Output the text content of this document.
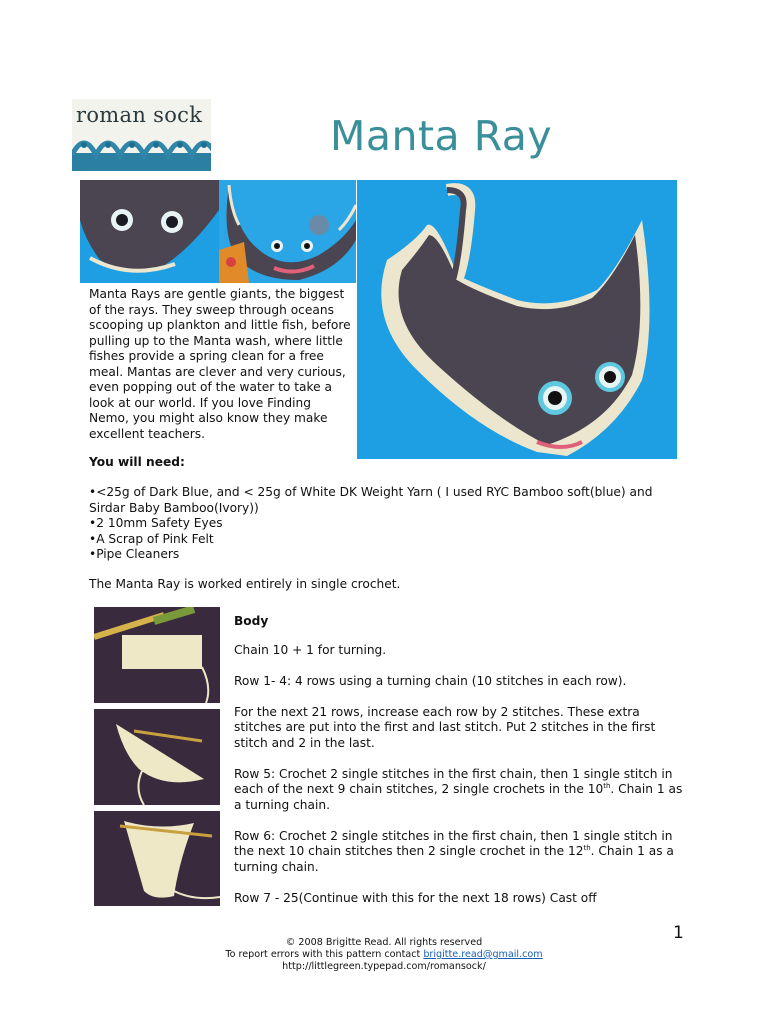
roman sock	Manta Ray
Manta Rays are gentle giants, the biggest of the rays. They sweep through oceans scooping up plankton and little fish, before pulling up to the Manta wash, where little fishes provide a spring clean for a free meal. Mantas are clever and very curious, even popping out of the water to take a look at our world. If you love Finding Nemo, you might also know they make excellent teachers.
You will need:
•<25g of Dark Blue, and < 25g of White DK Weight Yarn ( I used RYC Bamboo soft(blue) and
Sirdar Baby Bamboo(Ivory))
•2 10mm Safety Eyes
•A Scrap of Pink Felt
•Pipe Cleaners
The Manta Ray is worked entirely in single crochet.

Body

Chain 10 + 1 for turning.

Row 1- 4: 4 rows using a turning chain (10 stitches in each row).

For the next 21 rows, increase each row by 2 stitches. These extra stitches are put into the first and last stitch. Put 2 stitches in the first stitch and 2 in the last.

Row 5: Crochet 2 single stitches in the first chain, then 1 single stitch in each of the next 9 chain stitches, 2 single crochets in the 10th. Chain 1 as a turning chain.

Row 6: Crochet 2 single stitches in the first chain, then 1 single stitch in the next 10 chain stitches then 2 single crochet in the 12th. Chain 1 as a turning chain.

Row 7 - 25(Continue with this for the next 18 rows) Cast off

1
© 2008 Brigitte Read. All rights reserved
To report errors with this pattern contact brigitte.read@gmail.com
http://littlegreen.typepad.com/romansock/
